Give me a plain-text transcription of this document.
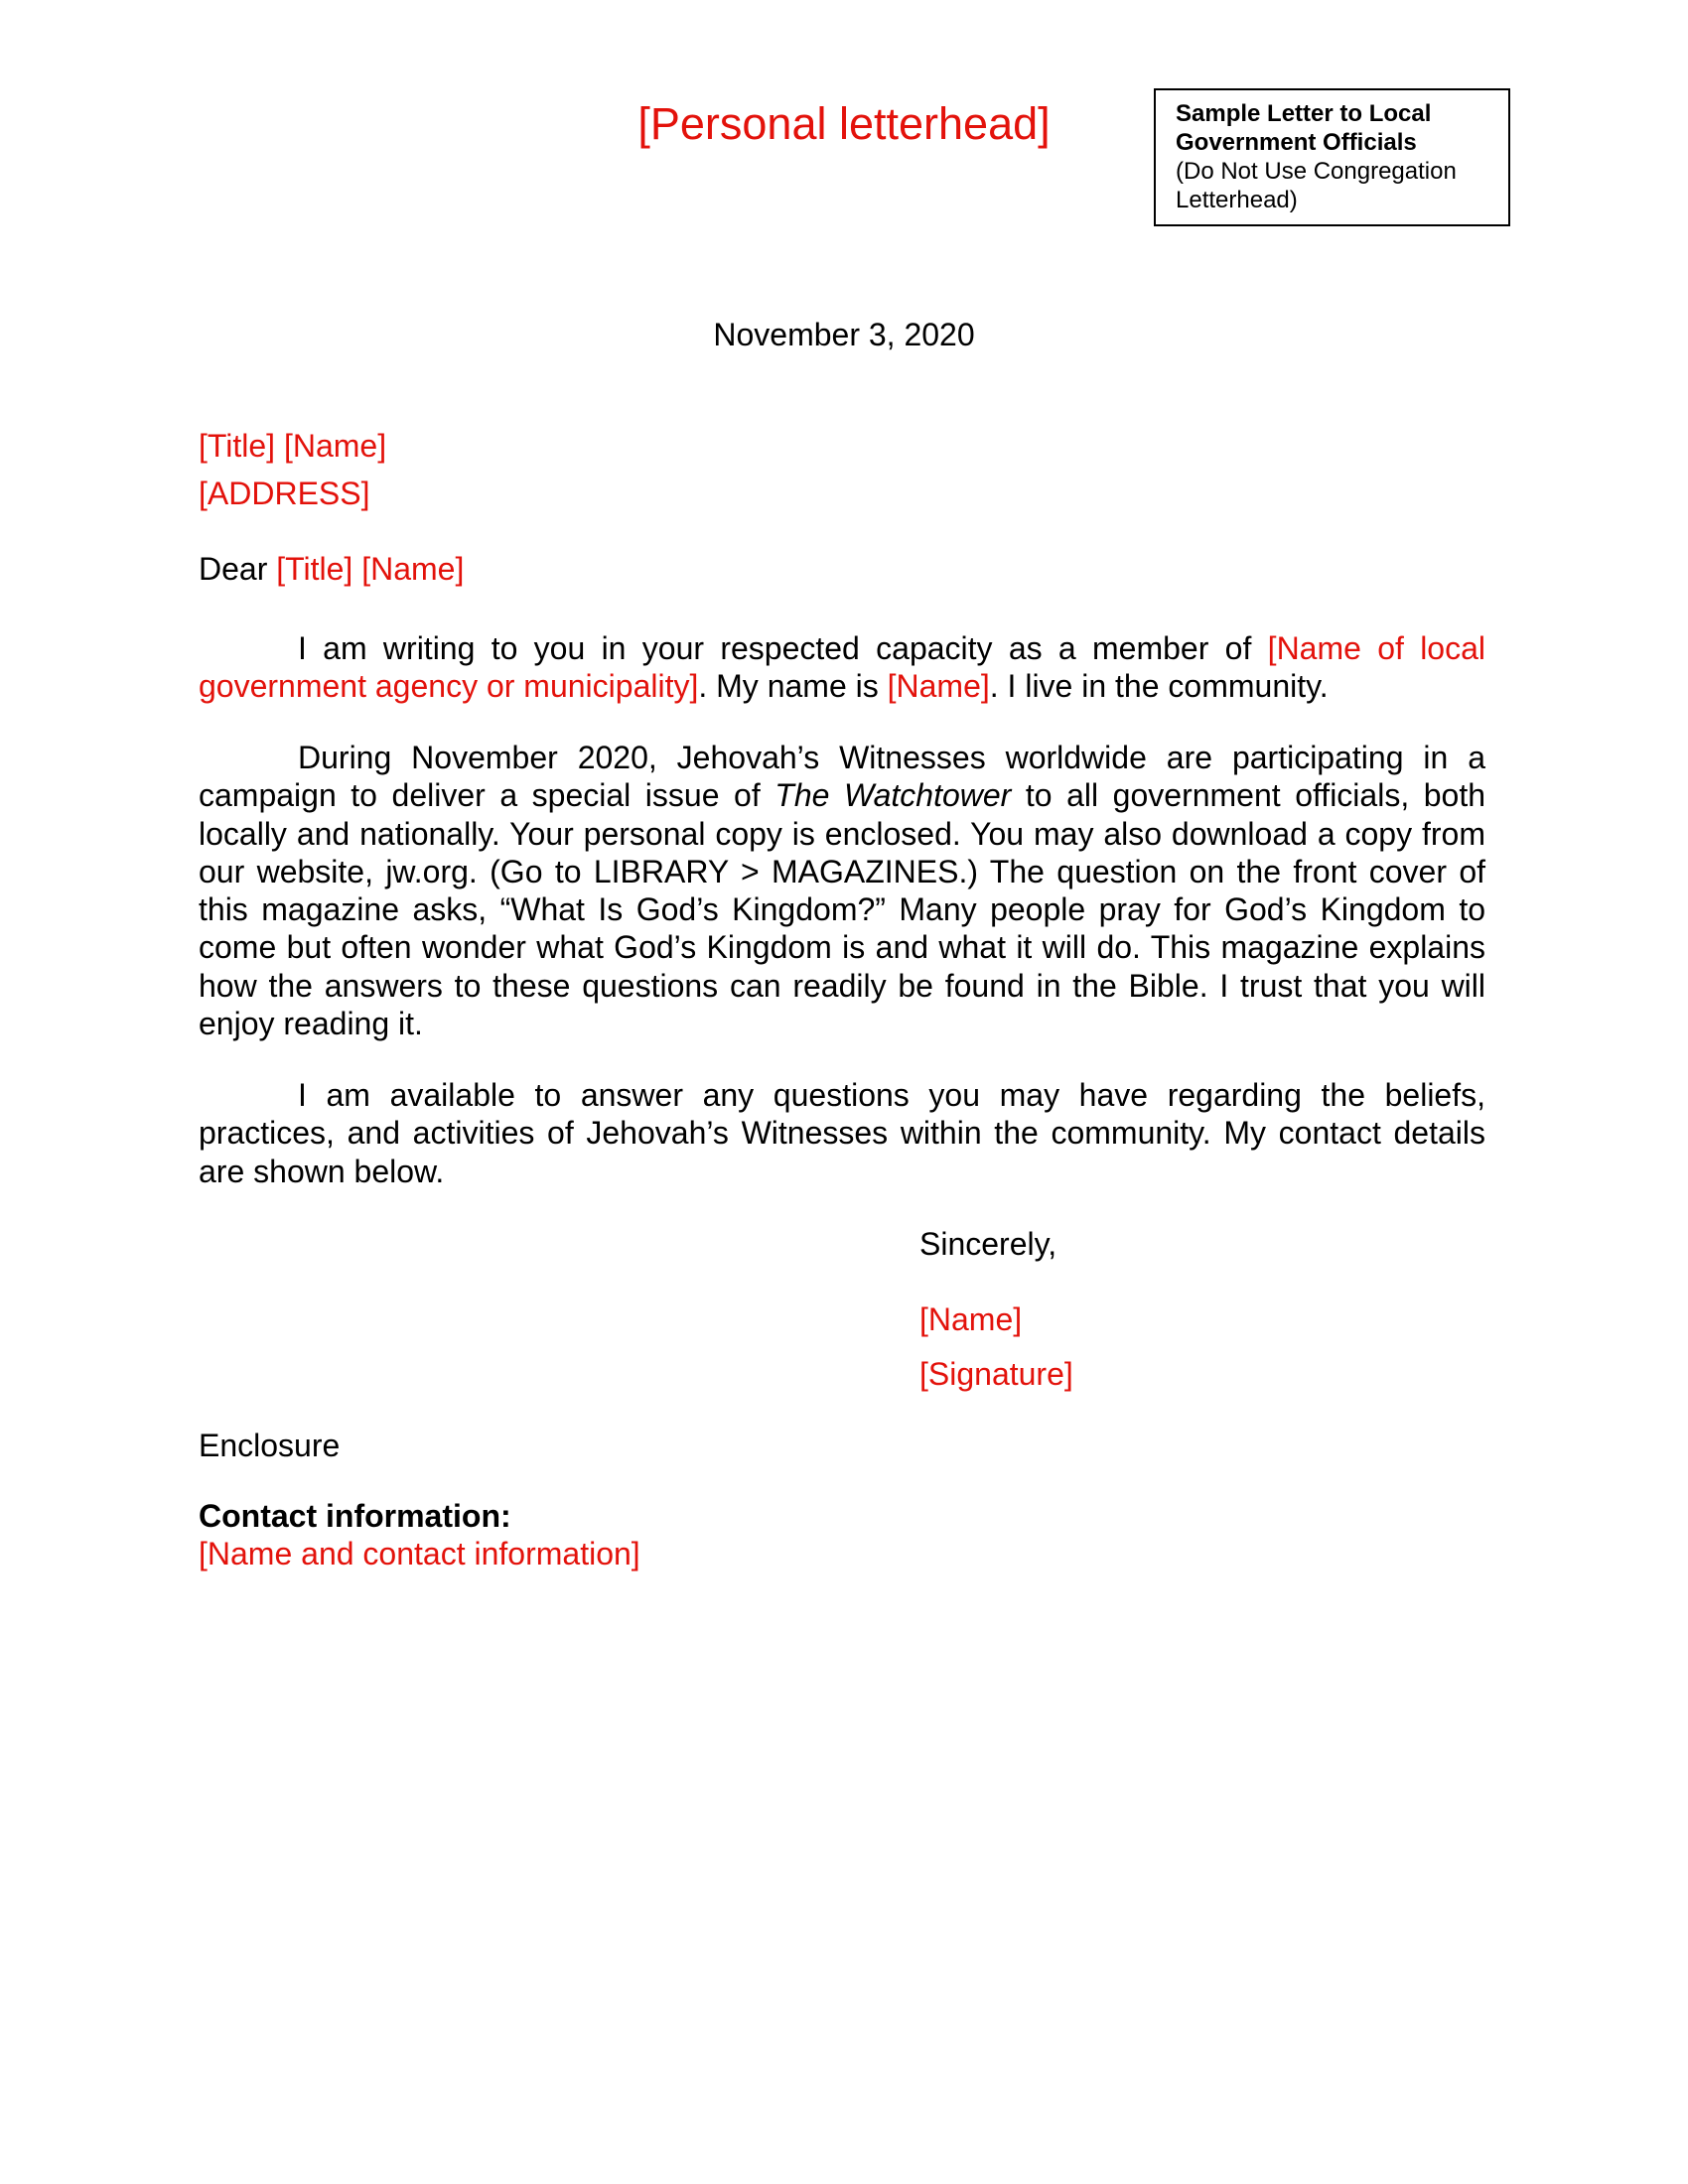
[Personal letterhead]	Sample Letter to Local
Government Officials
(Do Not Use Congregation
Letterhead)
November 3, 2020
[Title] [Name]
[ADDRESS]
Dear [Title] [Name]

I am writing to you in your respected capacity as a member of [Name of local government agency or municipality]. My name is [Name]. I live in the community.

During November 2020, Jehovah’s Witnesses worldwide are participating in a campaign to deliver a special issue of The Watchtower to all government officials, both locally and nationally. Your personal copy is enclosed. You may also download a copy from our website, jw.org. (Go to LIBRARY > MAGAZINES.) The question on the front cover of this magazine asks, “What Is God’s Kingdom?” Many people pray for God’s Kingdom to come but often wonder what God’s Kingdom is and what it will do. This magazine explains how the answers to these questions can readily be found in the Bible. I trust that you will enjoy reading it.

I am available to answer any questions you may have regarding the beliefs, practices, and activities of Jehovah’s Witnesses within the community. My contact details are shown below.

Sincerely,
[Name]
[Signature]
Enclosure
Contact information:
[Name and contact information]
